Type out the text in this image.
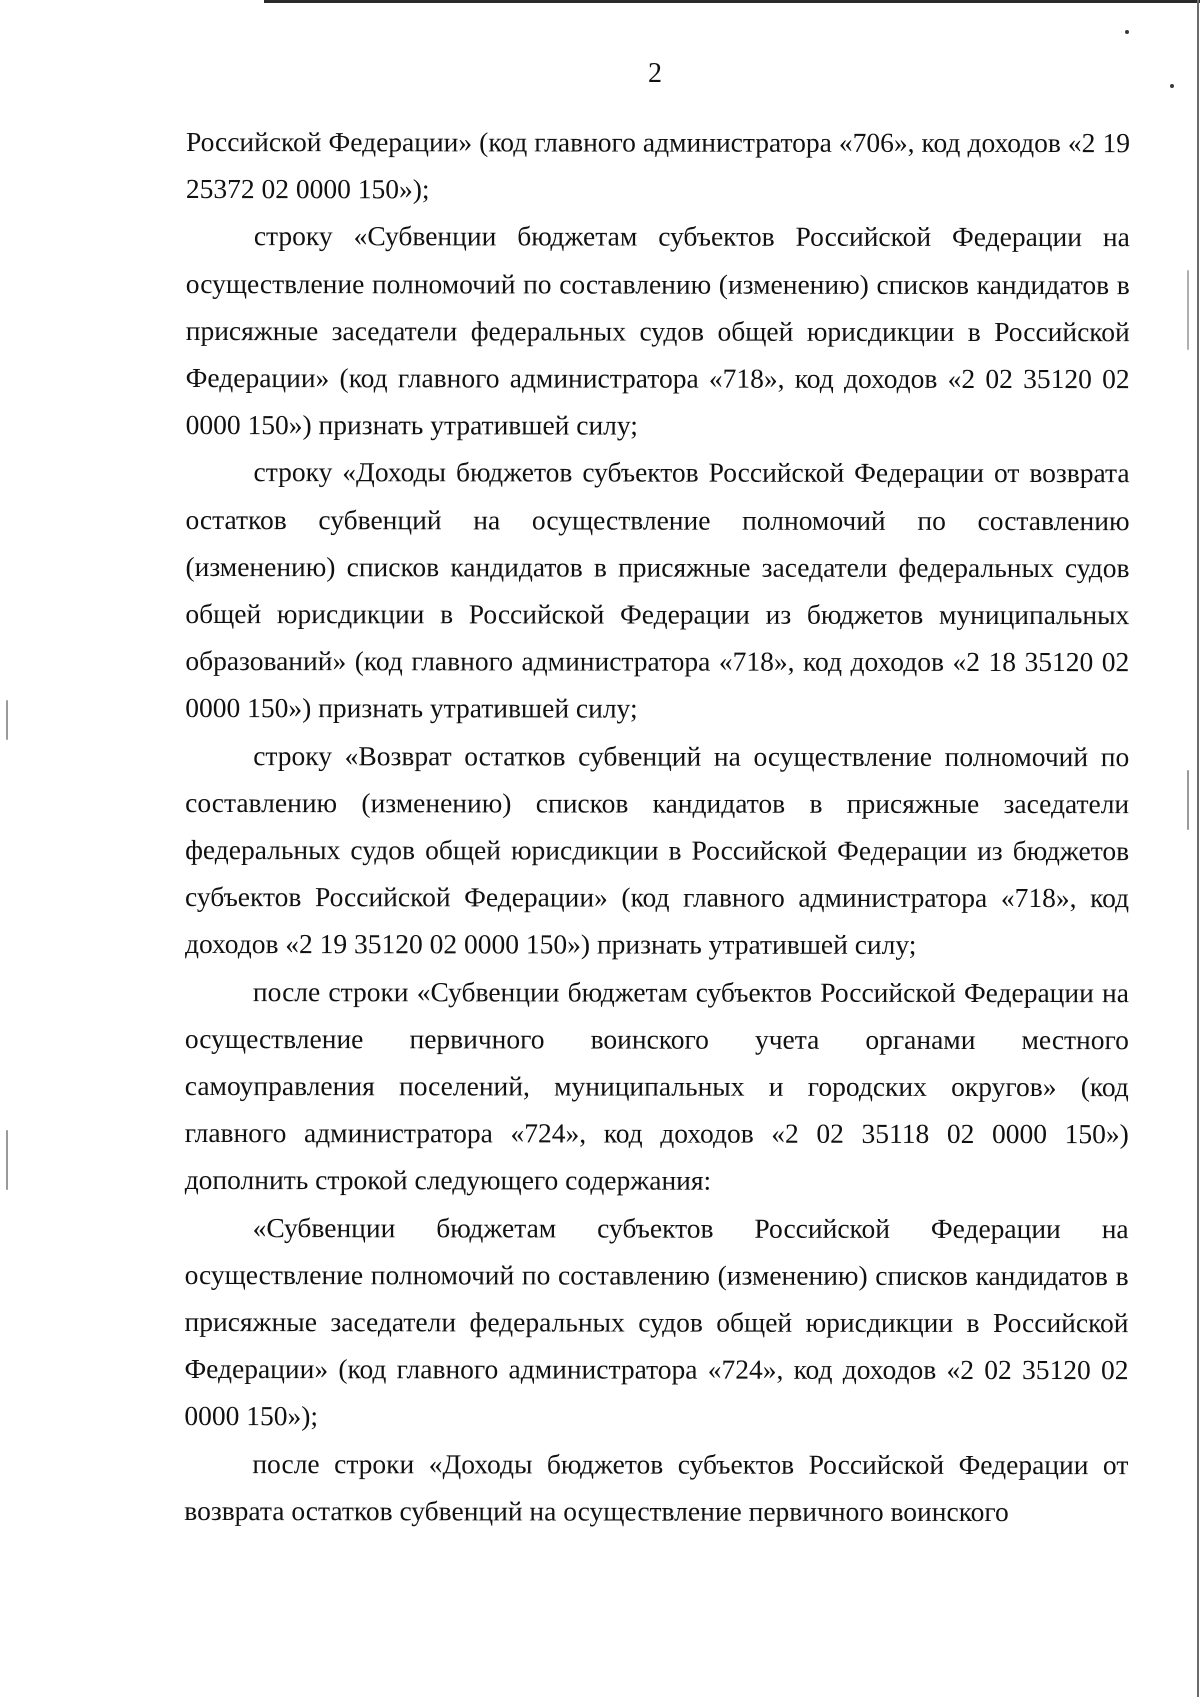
2

Российской Федерации» (код главного администратора «706», код доходов «2 19 25372 02 0000 150»);

строку «Субвенции бюджетам субъектов Российской Федерации на осуществление полномочий по составлению (изменению) списков кандидатов в присяжные заседатели федеральных судов общей юрисдикции в Российской Федерации» (код главного администратора «718», код доходов «2 02 35120 02 0000 150») признать утратившей силу;

строку «Доходы бюджетов субъектов Российской Федерации от возврата остатков субвенций на осуществление полномочий по составлению (изменению) списков кандидатов в присяжные заседатели федеральных судов общей юрисдикции в Российской Федерации из бюджетов муниципальных образований» (код главного администратора «718», код доходов «2 18 35120 02 0000 150») признать утратившей силу;

строку «Возврат остатков субвенций на осуществление полномочий по составлению (изменению) списков кандидатов в присяжные заседатели федеральных судов общей юрисдикции в Российской Федерации из бюджетов субъектов Российской Федерации» (код главного администратора «718», код доходов «2 19 35120 02 0000 150») признать утратившей силу;

после строки «Субвенции бюджетам субъектов Российской Федерации на осуществление первичного воинского учета органами местного самоуправления поселений, муниципальных и городских округов» (код главного администратора «724», код доходов «2 02 35118 02 0000 150») дополнить строкой следующего содержания:

«Субвенции бюджетам субъектов Российской Федерации на осуществление полномочий по составлению (изменению) списков кандидатов в присяжные заседатели федеральных судов общей юрисдикции в Российской Федерации» (код главного администратора «724», код доходов «2 02 35120 02 0000 150»);

после строки «Доходы бюджетов субъектов Российской Федерации от возврата остатков субвенций на осуществление первичного воинского
